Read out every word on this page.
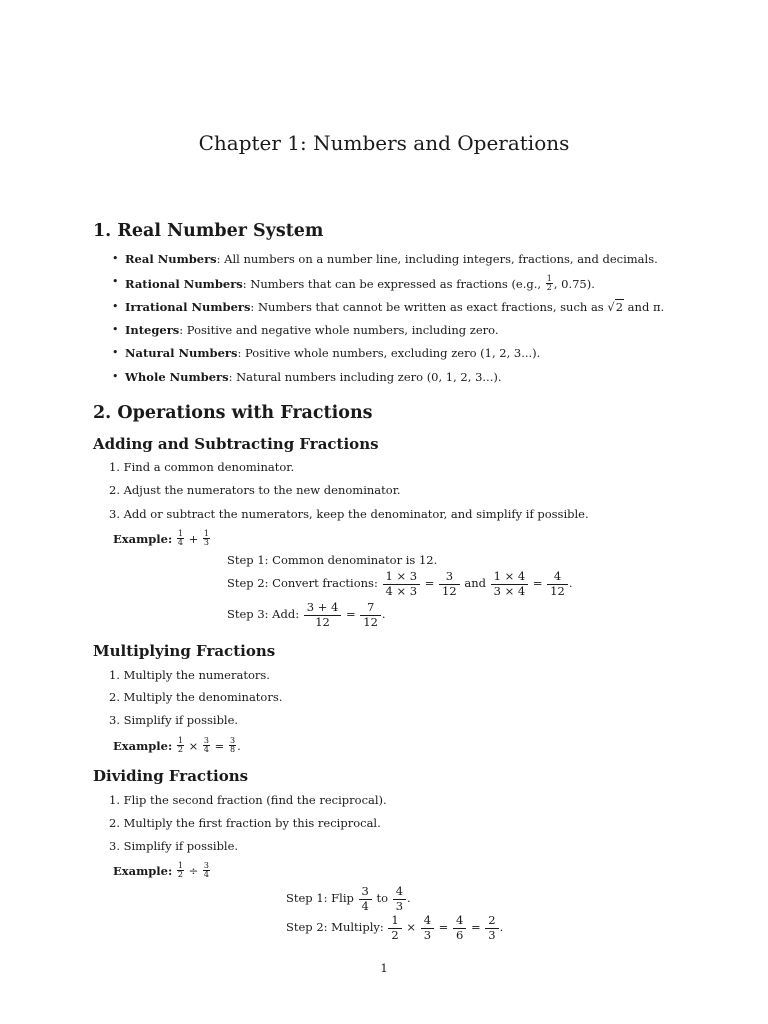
Chapter 1: Numbers and Operations
1. Real Number System
• Real Numbers: All numbers on a number line, including integers, fractions, and decimals.
• Rational Numbers: Numbers that can be expressed as fractions (e.g., $\frac{1}{2}$ , 0.75).
• Irrational Numbers: Numbers that cannot be written as exact fractions, such as √2 and π.
• Integers: Positive and negative whole numbers, including zero.
• Natural Numbers: Positive whole numbers, excluding zero (1, 2, 3...).
• Whole Numbers: Natural numbers including zero (0, 1, 2, 3...).
2. Operations with Fractions
Adding and Subtracting Fractions
1. Find a common denominator.
2. Adjust the numerators to the new denominator.
3. Add or subtract the numerators, keep the denominator, and simplify if possible.
Example: $\frac{1}{4} + \frac{1}{3}$
Step 1: Common denominator is 12.
Step 2: Convert fractions: $\frac{1 \times 3}{4 \times 3} = \frac{3}{12}$ and $\frac{1 \times 4}{3 \times 4} = \frac{4}{12}$ .
Step 3: Add: $\frac{3 + 4}{12} = \frac{7}{12}$ .
Multiplying Fractions
1. Multiply the numerators.
2. Multiply the denominators.
3. Simplify if possible.
Example: $\frac{1}{2} \times \frac{3}{4} = \frac{3}{8}$ .
Dividing Fractions
1. Flip the second fraction (find the reciprocal).
2. Multiply the first fraction by this reciprocal.
3. Simplify if possible.
Example: $\frac{1}{2} \div \frac{3}{4}$
Step 1: Flip $\frac{3}{4}$ to $\frac{4}{3}$ .
Step 2: Multiply: $\frac{1}{2} \times \frac{4}{3} = \frac{4}{6} = \frac{2}{3}$ .
1
